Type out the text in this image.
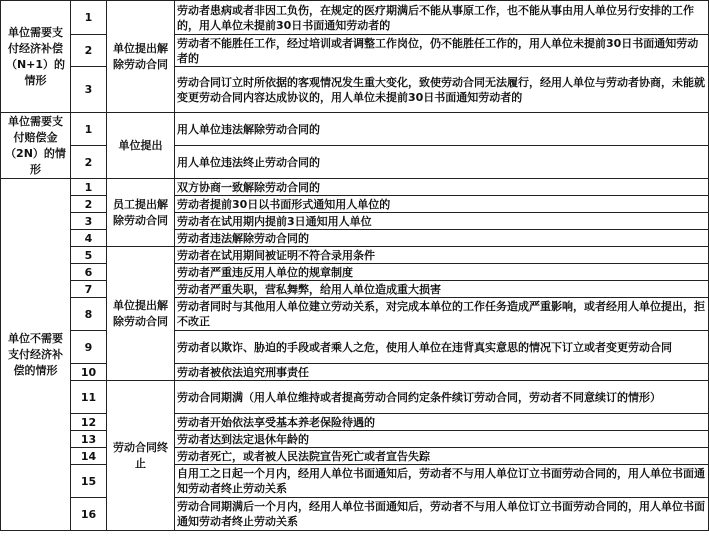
单位需要支付经济补偿（N+1）的情形	1	单位提出解除劳动合同	劳动者患病或者非因工负伤，在规定的医疗期满后不能从事原工作，也不能从事由用人单位另行安排的工作的，用人单位未提前30日书面通知劳动者的
	2		劳动者不能胜任工作，经过培训或者调整工作岗位，仍不能胜任工作的，用人单位未提前30日书面通知劳动者的
	3		劳动合同订立时所依据的客观情况发生重大变化，致使劳动合同无法履行，经用人单位与劳动者协商，未能就变更劳动合同内容达成协议的，用人单位未提前30日书面通知劳动者的
单位需要支付赔偿金（2N）的情形	1	单位提出	用人单位违法解除劳动合同的
	2		用人单位违法终止劳动合同的
单位不需要支付经济补偿的情形	1	员工提出解除劳动合同	双方协商一致解除劳动合同的
	2		劳动者提前30日以书面形式通知用人单位的
	3		劳动者在试用期内提前3日通知用人单位
	4		劳动者违法解除劳动合同的
	5	单位提出解除劳动合同	劳动者在试用期间被证明不符合录用条件
	6		劳动者严重违反用人单位的规章制度
	7		劳动者严重失职，营私舞弊，给用人单位造成重大损害
	8		劳动者同时与其他用人单位建立劳动关系，对完成本单位的工作任务造成严重影响，或者经用人单位提出，拒不改正
	9		劳动者以欺诈、胁迫的手段或者乘人之危，使用人单位在违背真实意思的情况下订立或者变更劳动合同
	10		劳动者被依法追究刑事责任
	11	劳动合同终止	劳动合同期满（用人单位维持或者提高劳动合同约定条件续订劳动合同，劳动者不同意续订的情形）
	12		劳动者开始依法享受基本养老保险待遇的
	13		劳动者达到法定退休年龄的
	14		劳动者死亡，或者被人民法院宣告死亡或者宣告失踪
	15		自用工之日起一个月内，经用人单位书面通知后，劳动者不与用人单位订立书面劳动合同的，用人单位书面通知劳动者终止劳动关系
	16		劳动合同期满后一个月内，经用人单位书面通知后，劳动者不与用人单位订立书面劳动合同的，用人单位书面通知劳动者终止劳动关系
